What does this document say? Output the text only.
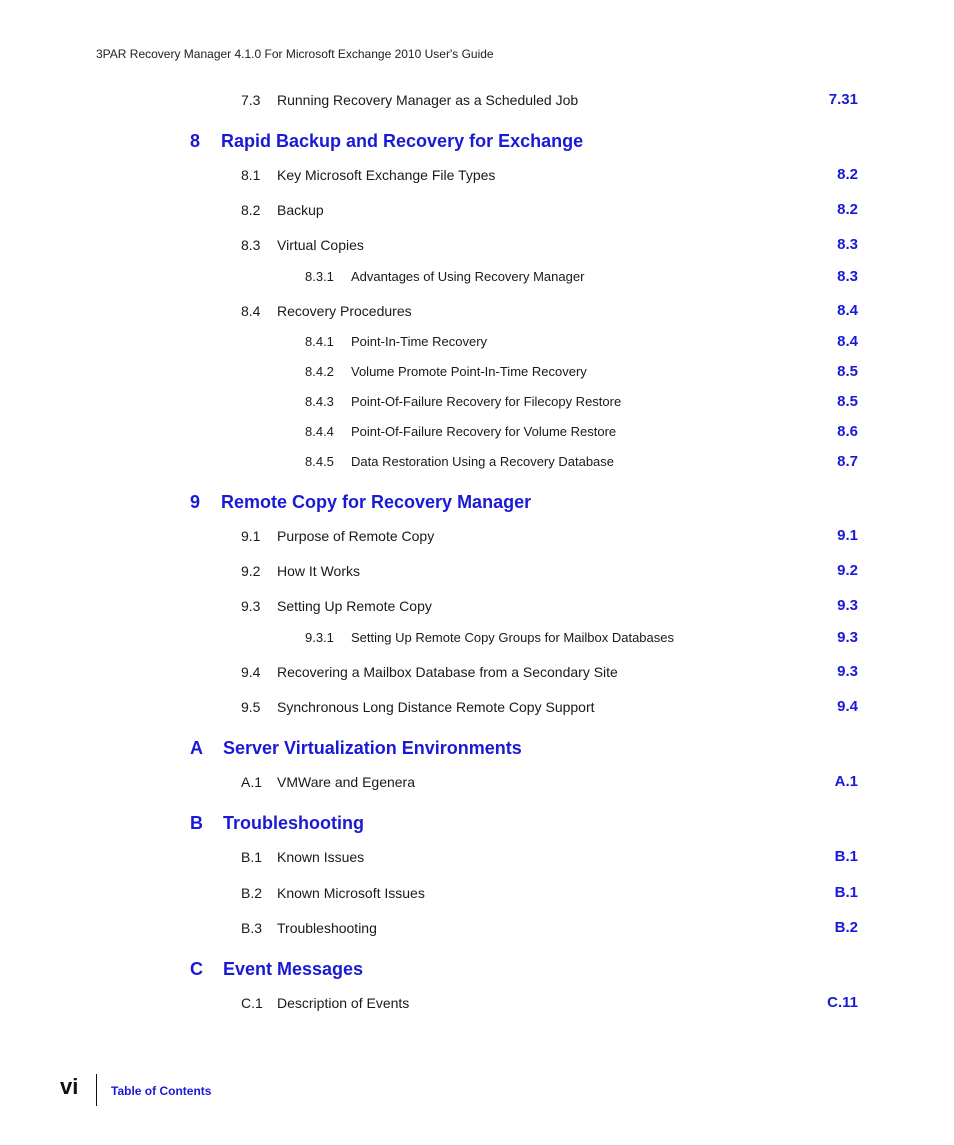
3PAR Recovery Manager 4.1.0 For Microsoft Exchange 2010 User's Guide
7.3 Running Recovery Manager as a Scheduled Job	7.31
8 Rapid Backup and Recovery for Exchange
8.1 Key Microsoft Exchange File Types	8.2
8.2 Backup	8.2
8.3 Virtual Copies	8.3
8.3.1 Advantages of Using Recovery Manager	8.3
8.4 Recovery Procedures	8.4
8.4.1 Point-In-Time Recovery	8.4
8.4.2 Volume Promote Point-In-Time Recovery	8.5
8.4.3 Point-Of-Failure Recovery for Filecopy Restore	8.5
8.4.4 Point-Of-Failure Recovery for Volume Restore	8.6
8.4.5 Data Restoration Using a Recovery Database	8.7
9 Remote Copy for Recovery Manager
9.1 Purpose of Remote Copy	9.1
9.2 How It Works	9.2
9.3 Setting Up Remote Copy	9.3
9.3.1 Setting Up Remote Copy Groups for Mailbox Databases	9.3
9.4 Recovering a Mailbox Database from a Secondary Site	9.3
9.5 Synchronous Long Distance Remote Copy Support	9.4
A Server Virtualization Environments
A.1 VMWare and Egenera	A.1
B Troubleshooting
B.1 Known Issues	B.1
B.2 Known Microsoft Issues	B.1
B.3 Troubleshooting	B.2
C Event Messages
C.1 Description of Events	C.11
vi	Table of Contents
